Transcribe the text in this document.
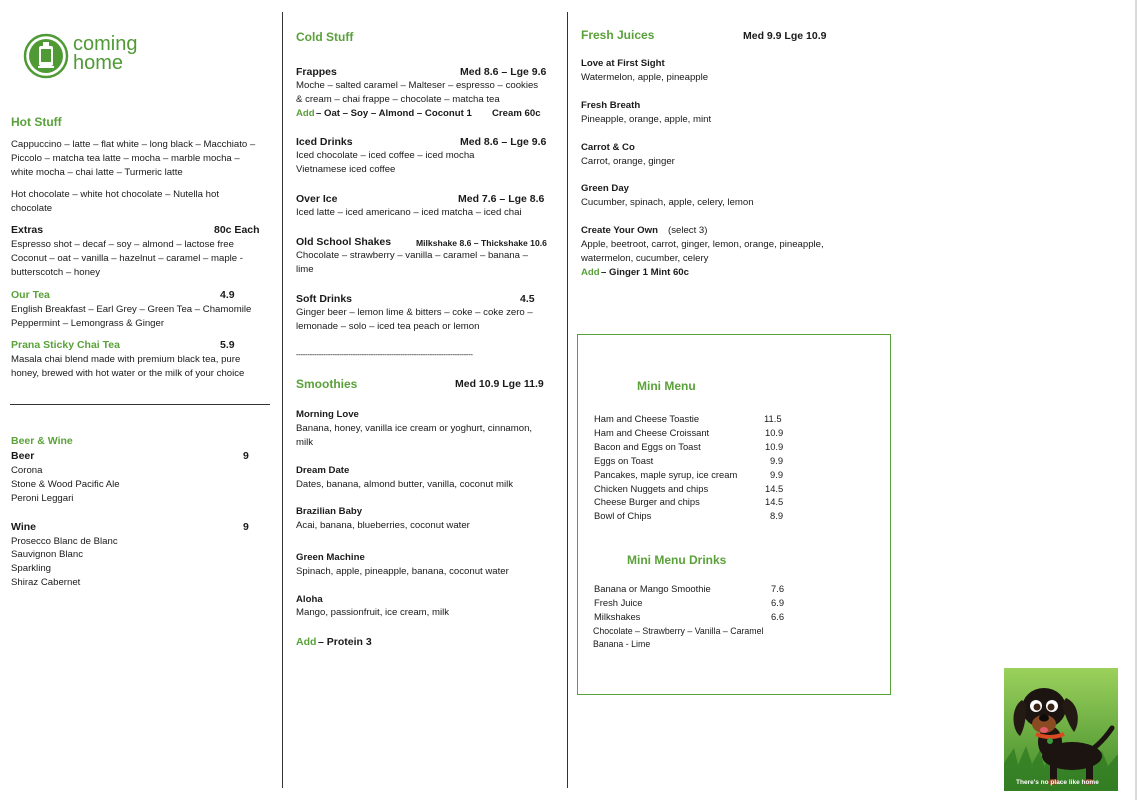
coming
home
Hot Stuff
Cappuccino – latte – flat white – long black – Macchiato –
Piccolo – matcha tea latte – mocha – marble mocha –
white mocha – chai latte – Turmeric latte
Hot chocolate – white hot chocolate – Nutella hot
chocolate
Extras	80c Each
Espresso shot – decaf – soy – almond – lactose free
Coconut – oat – vanilla – hazelnut – caramel – maple -
butterscotch – honey
Our Tea	4.9
English Breakfast – Earl Grey – Green Tea – Chamomile
Peppermint – Lemongrass & Ginger
Prana Sticky Chai Tea	5.9
Masala chai blend made with premium black tea, pure
honey, brewed with hot water or the milk of your choice
Beer & Wine
Beer	9
Corona
Stone & Wood Pacific Ale
Peroni Leggari
Wine	9
Prosecco Blanc de Blanc
Sauvignon Blanc
Sparkling
Shiraz Cabernet
Cold Stuff
Frappes	Med 8.6 – Lge 9.6
Moche – salted caramel – Malteser – espresso – cookies
& cream – chai frappe – chocolate – matcha tea
Add – Oat – Soy – Almond – Coconut 1 Cream 60c
Iced Drinks	Med 8.6 – Lge 9.6
Iced chocolate – iced coffee – iced mocha
Vietnamese iced coffee
Over Ice	Med 7.6 – Lge 8.6
Iced latte – iced americano – iced matcha – iced chai
Old School Shakes	Milkshake 8.6 – Thickshake 10.6
Chocolate – strawberry – vanilla – caramel – banana –
lime
Soft Drinks	4.5
Ginger beer – lemon lime & bitters – coke – coke zero –
lemonade – solo – iced tea peach or lemon
------------------------------------------------------------------------------
Smoothies	Med 10.9 Lge 11.9
Morning Love
Banana, honey, vanilla ice cream or yoghurt, cinnamon,
milk
Dream Date
Dates, banana, almond butter, vanilla, coconut milk
Brazilian Baby
Acai, banana, blueberries, coconut water
Green Machine
Spinach, apple, pineapple, banana, coconut water
Aloha
Mango, passionfruit, ice cream, milk
Add – Protein 3
Fresh Juices	Med 9.9 Lge 10.9
Love at First Sight
Watermelon, apple, pineapple
Fresh Breath
Pineapple, orange, apple, mint
Carrot & Co
Carrot, orange, ginger
Green Day
Cucumber, spinach, apple, celery, lemon
Create Your Own (select 3)
Apple, beetroot, carrot, ginger, lemon, orange, pineapple,
watermelon, cucumber, celery
Add – Ginger 1 Mint 60c
Mini Menu
Ham and Cheese Toastie	11.5
Ham and Cheese Croissant	10.9
Bacon and Eggs on Toast	10.9
Eggs on Toast	9.9
Pancakes, maple syrup, ice cream	9.9
Chicken Nuggets and chips	14.5
Cheese Burger and chips	14.5
Bowl of Chips	8.9
Mini Menu Drinks
Banana or Mango Smoothie	7.6
Fresh Juice	6.9
Milkshakes	6.6
Chocolate – Strawberry – Vanilla – Caramel
Banana - Lime
There's no place like home
